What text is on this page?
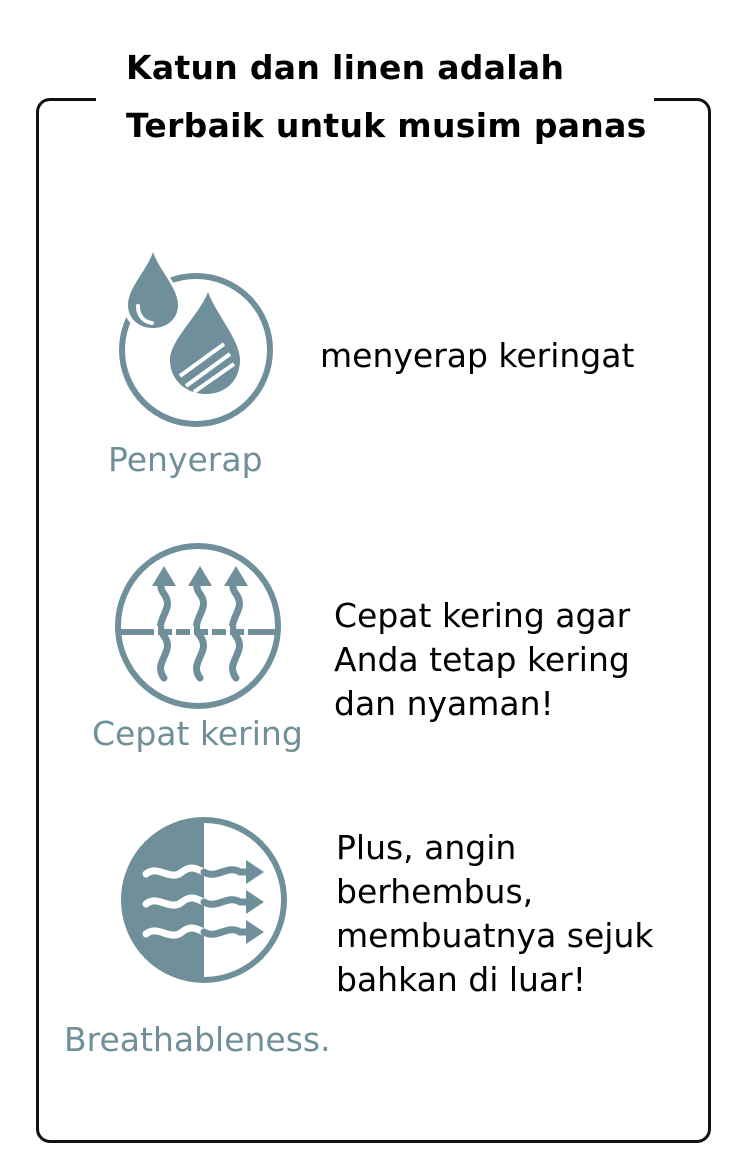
Katun dan linen adalah
Terbaik untuk musim panas
Penyerap

menyerap keringat

Cepat kering

Cepat kering agar
Anda tetap kering
dan nyaman!

Breathableness.

Plus, angin
berhembus,
membuatnya sejuk
bahkan di luar!
